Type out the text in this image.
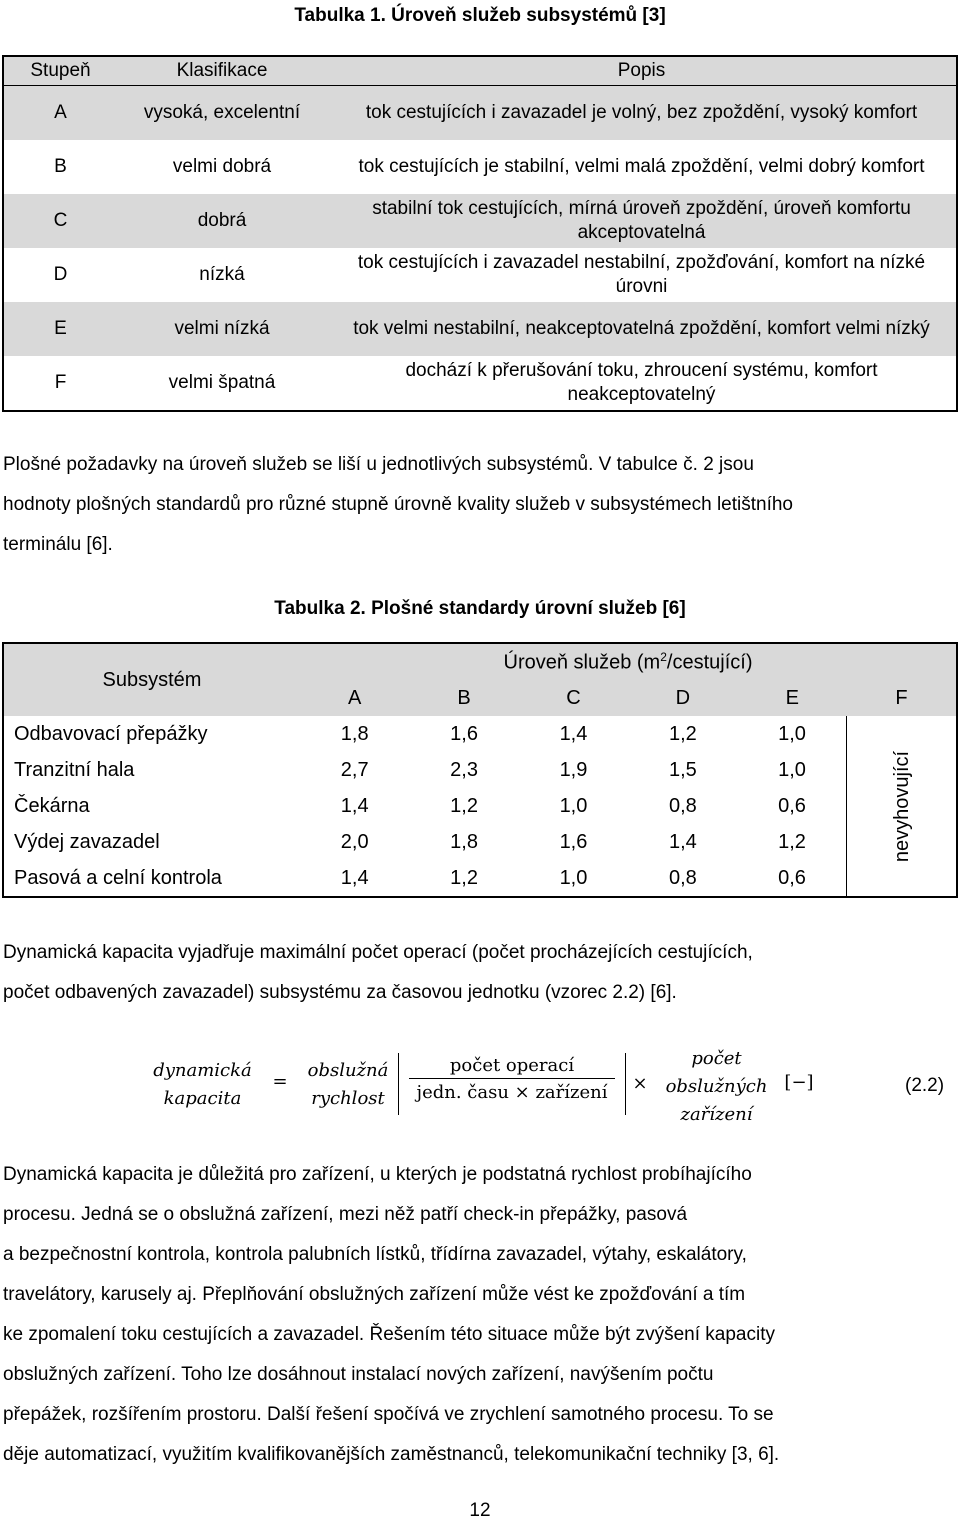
Tabulka 1. Úroveň služeb subsystémů [3]
Stupeň	Klasifikace	Popis
A	vysoká, excelentní	tok cestujících i zavazadel je volný, bez zpoždění, vysoký komfort
B	velmi dobrá	tok cestujících je stabilní, velmi malá zpoždění, velmi dobrý komfort
C	dobrá	stabilní tok cestujících, mírná úroveň zpoždění, úroveň komfortu akceptovatelná
D	nízká	tok cestujících i zavazadel nestabilní, zpožďování, komfort na nízké úrovni
E	velmi nízká	tok velmi nestabilní, neakceptovatelná zpoždění, komfort velmi nízký
F	velmi špatná	dochází k přerušování toku, zhroucení systému, komfort neakceptovatelný
Plošné požadavky na úroveň služeb se liší u jednotlivých subsystémů. V tabulce č. 2 jsou
hodnoty plošných standardů pro různé stupně úrovně kvality služeb v subsystémech letištního
terminálu [6].
Tabulka 2. Plošné standardy úrovní služeb [6]
Subsystém	Úroveň služeb $(m^2/cestující)$					
	A	B	C	D	E	F
Odbavovací přepážky	1,8	1,6	1,4	1,2	1,0	nevyhovující
Tranzitní hala	2,7	2,3	1,9	1,5	1,0	
Čekárna	1,4	1,2	1,0	0,8	0,6	
Výdej zavazadel	2,0	1,8	1,6	1,4	1,2	
Pasová a celní kontrola	1,4	1,2	1,0	0,8	0,6	
Dynamická kapacita vyjadřuje maximální počet operací (počet procházejících cestujících,
počet odbavených zavazadel) subsystému za časovou jednotku (vzorec 2.2) [6].
dynamická
kapacita
=
obslužná
rychlost
počet operací
jedn. času × zařízení	×
počet
obslužných
zařízení
[−]	(2.2)
Dynamická kapacita je důležitá pro zařízení, u kterých je podstatná rychlost probíhajícího
procesu. Jedná se o obslužná zařízení, mezi něž patří check-in přepážky, pasová
a bezpečnostní kontrola, kontrola palubních lístků, třídírna zavazadel, výtahy, eskalátory,
travelátory, karusely aj. Přeplňování obslužných zařízení může vést ke zpožďování a tím
ke zpomalení toku cestujících a zavazadel. Řešením této situace může být zvýšení kapacity
obslužných zařízení. Toho lze dosáhnout instalací nových zařízení, navýšením počtu
přepážek, rozšířením prostoru. Další řešení spočívá ve zrychlení samotného procesu. To se
děje automatizací, využitím kvalifikovanějších zaměstnanců, telekomunikační techniky [3, 6].
12
